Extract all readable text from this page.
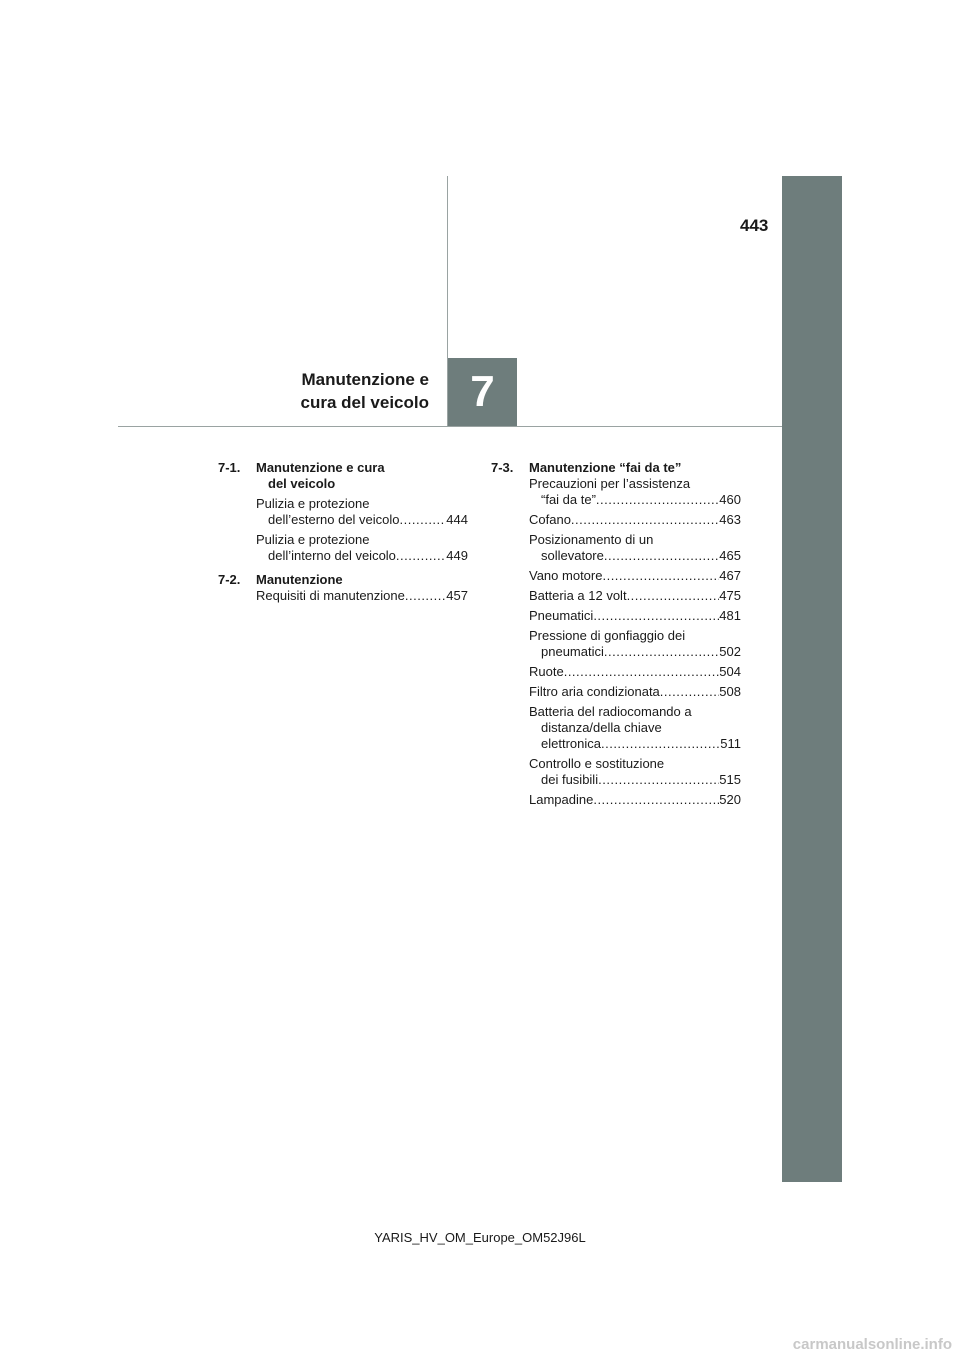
443
Manutenzione e
cura del veicolo 7
7-1.	Manutenzione e cura
del veicolo
Pulizia e protezione
dell’esterno del veicolo .....	444
Pulizia e protezione
dell’interno del veicolo .....	449
7-2.	Manutenzione
Requisiti di manutenzione .....	457
7-3.	Manutenzione “fai da te”
Precauzioni per l’assistenza
“fai da te” .....	460
Cofano .....	463
Posizionamento di un
sollevatore .....	465
Vano motore .....	467
Batteria a 12 volt .....	475
Pneumatici .....	481
Pressione di gonfiaggio dei
pneumatici .....	502
Ruote .....	504
Filtro aria condizionata .....	508
Batteria del radiocomando a
distanza/della chiave
elettronica .....	511
Controllo e sostituzione
dei fusibili .....	515
Lampadine .....	520
YARIS_HV_OM_Europe_OM52J96L
carmanualsonline.info
